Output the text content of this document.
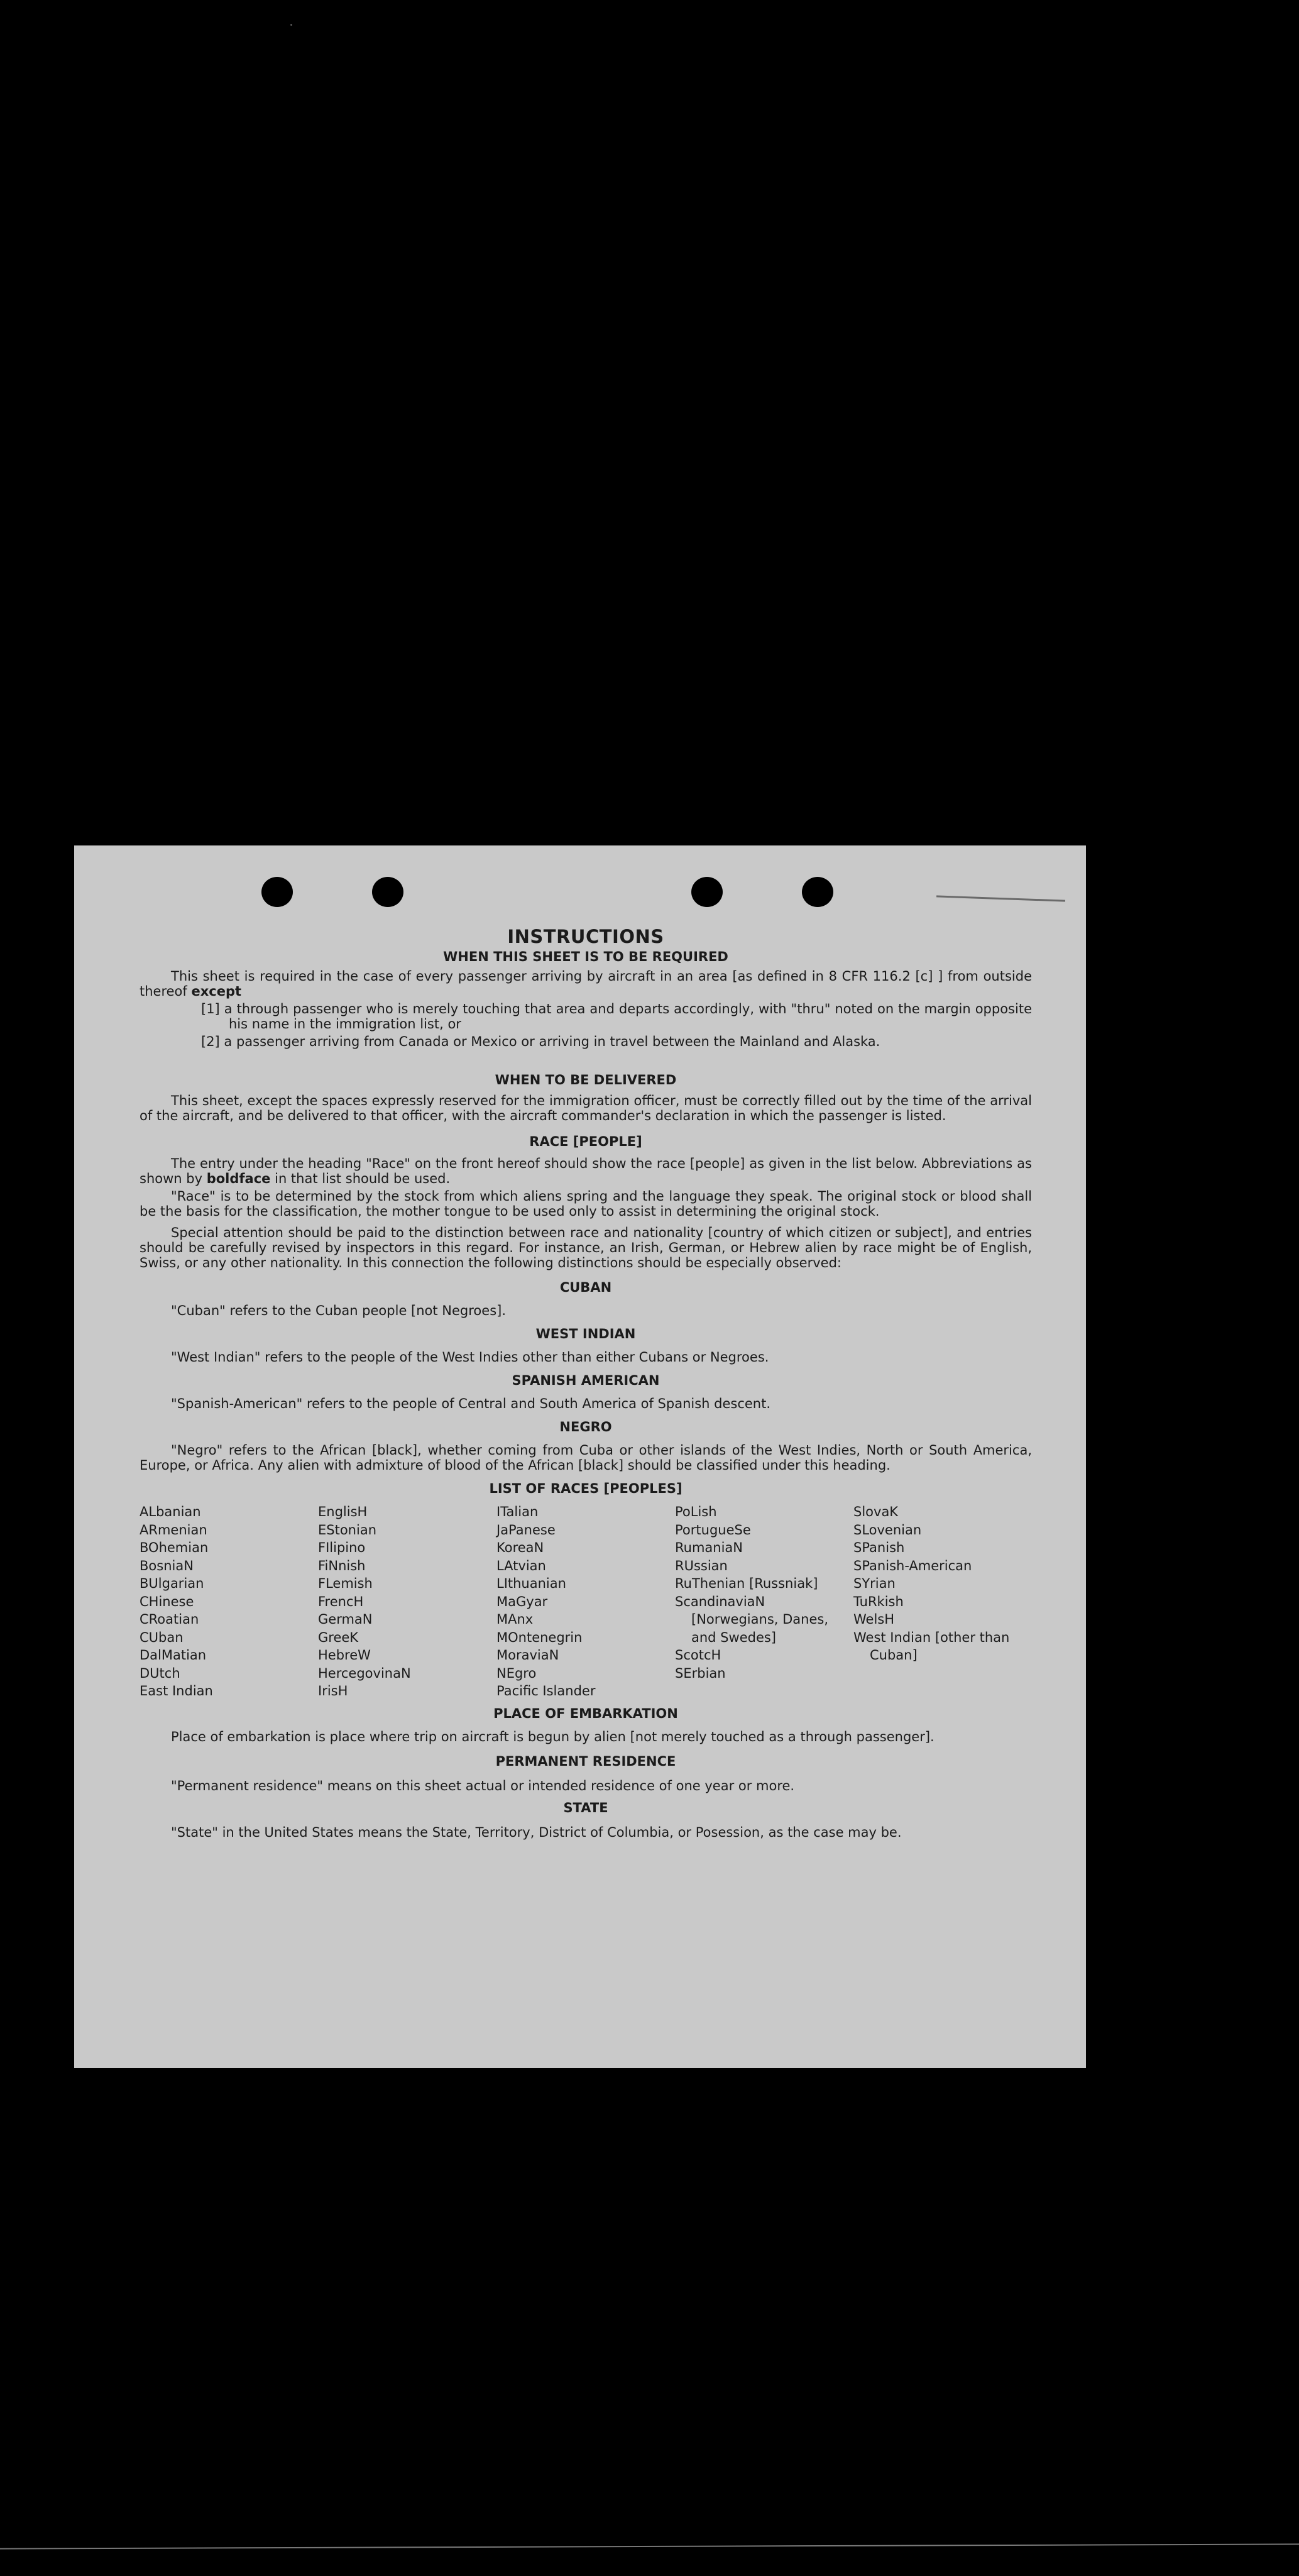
INSTRUCTIONS
WHEN THIS SHEET IS TO BE REQUIRED

This sheet is required in the case of every passenger arriving by aircraft in an area [as defined in 8 CFR 116.2 [c] ] from outside thereof except

[1] a through passenger who is merely touching that area and departs accordingly, with "thru" noted on the margin opposite his name in the immigration list, or

[2] a passenger arriving from Canada or Mexico or arriving in travel between the Mainland and Alaska.

WHEN TO BE DELIVERED

This sheet, except the spaces expressly reserved for the immigration officer, must be correctly filled out by the time of the arrival of the aircraft, and be delivered to that officer, with the aircraft commander's declaration in which the passenger is listed.

RACE [PEOPLE]

The entry under the heading "Race" on the front hereof should show the race [people] as given in the list below. Abbreviations as shown by boldface in that list should be used.

"Race" is to be determined by the stock from which aliens spring and the language they speak. The original stock or blood shall be the basis for the classification, the mother tongue to be used only to assist in determining the original stock.

Special attention should be paid to the distinction between race and nationality [country of which citizen or subject], and entries should be carefully revised by inspectors in this regard. For instance, an Irish, German, or Hebrew alien by race might be of English, Swiss, or any other nationality. In this connection the following distinctions should be especially observed:

CUBAN

"Cuban" refers to the Cuban people [not Negroes].

WEST INDIAN

"West Indian" refers to the people of the West Indies other than either Cubans or Negroes.

SPANISH AMERICAN

"Spanish-American" refers to the people of Central and South America of Spanish descent.

NEGRO

"Negro" refers to the African [black], whether coming from Cuba or other islands of the West Indies, North or South America, Europe, or Africa. Any alien with admixture of blood of the African [black] should be classified under this heading.

LIST OF RACES [PEOPLES]
ALbanian
ARmenian
BOhemian
BosniaN
BUlgarian
CHinese
CRoatian
CUban
DalMatian
DUtch
East Indian
EnglisH
EStonian
FIlipino
FiNnish
FLemish
FrencH
GermaN
GreeK
HebreW
HercegovinaN
IrisH
ITalian
JaPanese
KoreaN
LAtvian
LIthuanian
MaGyar
MAnx
MOntenegrin
MoraviaN
NEgro
Pacific Islander
PoLish
PortugueSe
RumaniaN
RUssian
RuThenian [Russniak]
ScandinaviaN [Norwegians, Danes, and Swedes]
ScotcH
SErbian
SlovaK
SLovenian
SPanish
SPanish-American
SYrian
TuRkish
WelsH
West Indian [other than Cuban]
PLACE OF EMBARKATION

Place of embarkation is place where trip on aircraft is begun by alien [not merely touched as a through passenger].

PERMANENT RESIDENCE

"Permanent residence" means on this sheet actual or intended residence of one year or more.

STATE

"State" in the United States means the State, Territory, District of Columbia, or Posession, as the case may be.
